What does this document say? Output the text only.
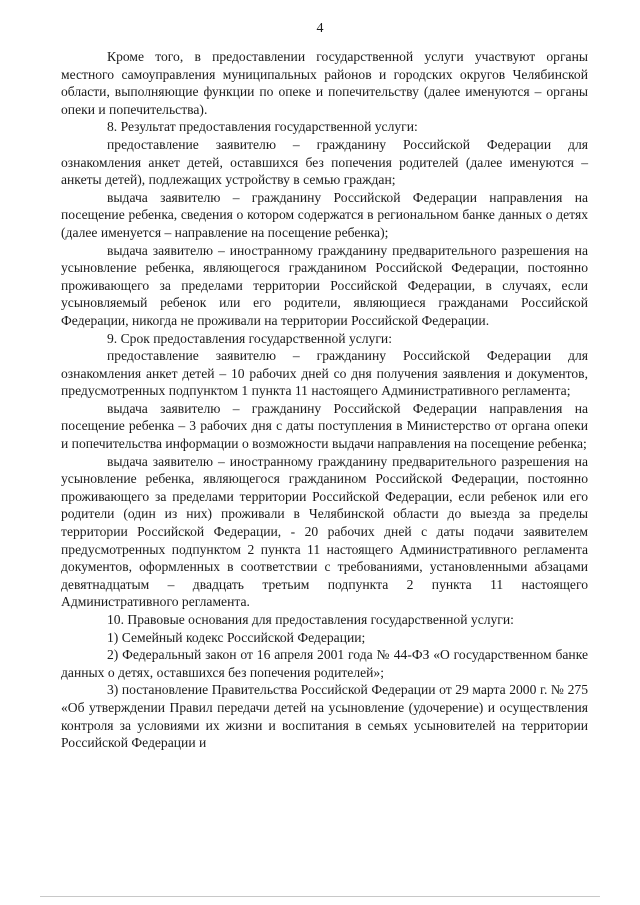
4

Кроме того, в предоставлении государственной услуги участвуют органы местного самоуправления муниципальных районов и городских округов Челябинской области, выполняющие функции по опеке и попечительству (далее именуются – органы опеки и попечительства).

8. Результат предоставления государственной услуги:

предоставление заявителю – гражданину Российской Федерации для ознакомления анкет детей, оставшихся без попечения родителей (далее именуются – анкеты детей), подлежащих устройству в семью граждан;

выдача заявителю – гражданину Российской Федерации направления на посещение ребенка, сведения о котором содержатся в региональном банке данных о детях (далее именуется – направление на посещение ребенка);

выдача заявителю – иностранному гражданину предварительного разрешения на усыновление ребенка, являющегося гражданином Российской Федерации, постоянно проживающего за пределами территории Российской Федерации, в случаях, если усыновляемый ребенок или его родители, являющиеся гражданами Российской Федерации, никогда не проживали на территории Российской Федерации.

9. Срок предоставления государственной услуги:

предоставление заявителю – гражданину Российской Федерации для ознакомления анкет детей – 10 рабочих дней со дня получения заявления и документов, предусмотренных подпунктом 1 пункта 11 настоящего Административного регламента;

выдача заявителю – гражданину Российской Федерации направления на посещение ребенка – 3 рабочих дня с даты поступления в Министерство от органа опеки и попечительства информации о возможности выдачи направления на посещение ребенка;

выдача заявителю – иностранному гражданину предварительного разрешения на усыновление ребенка, являющегося гражданином Российской Федерации, постоянно проживающего за пределами территории Российской Федерации, если ребенок или его родители (один из них) проживали в Челябинской области до выезда за пределы территории Российской Федерации, - 20 рабочих дней с даты подачи заявителем предусмотренных подпунктом 2 пункта 11 настоящего Административного регламента документов, оформленных в соответствии с требованиями, установленными абзацами девятнадцатым – двадцать третьим подпункта 2 пункта 11 настоящего Административного регламента.

10. Правовые основания для предоставления государственной услуги:

1) Семейный кодекс Российской Федерации;

2) Федеральный закон от 16 апреля 2001 года № 44-ФЗ «О государственном банке данных о детях, оставшихся без попечения родителей»;

3) постановление Правительства Российской Федерации от 29 марта 2000 г. № 275 «Об утверждении Правил передачи детей на усыновление (удочерение) и осуществления контроля за условиями их жизни и воспитания в семьях усыновителей на территории Российской Федерации и
